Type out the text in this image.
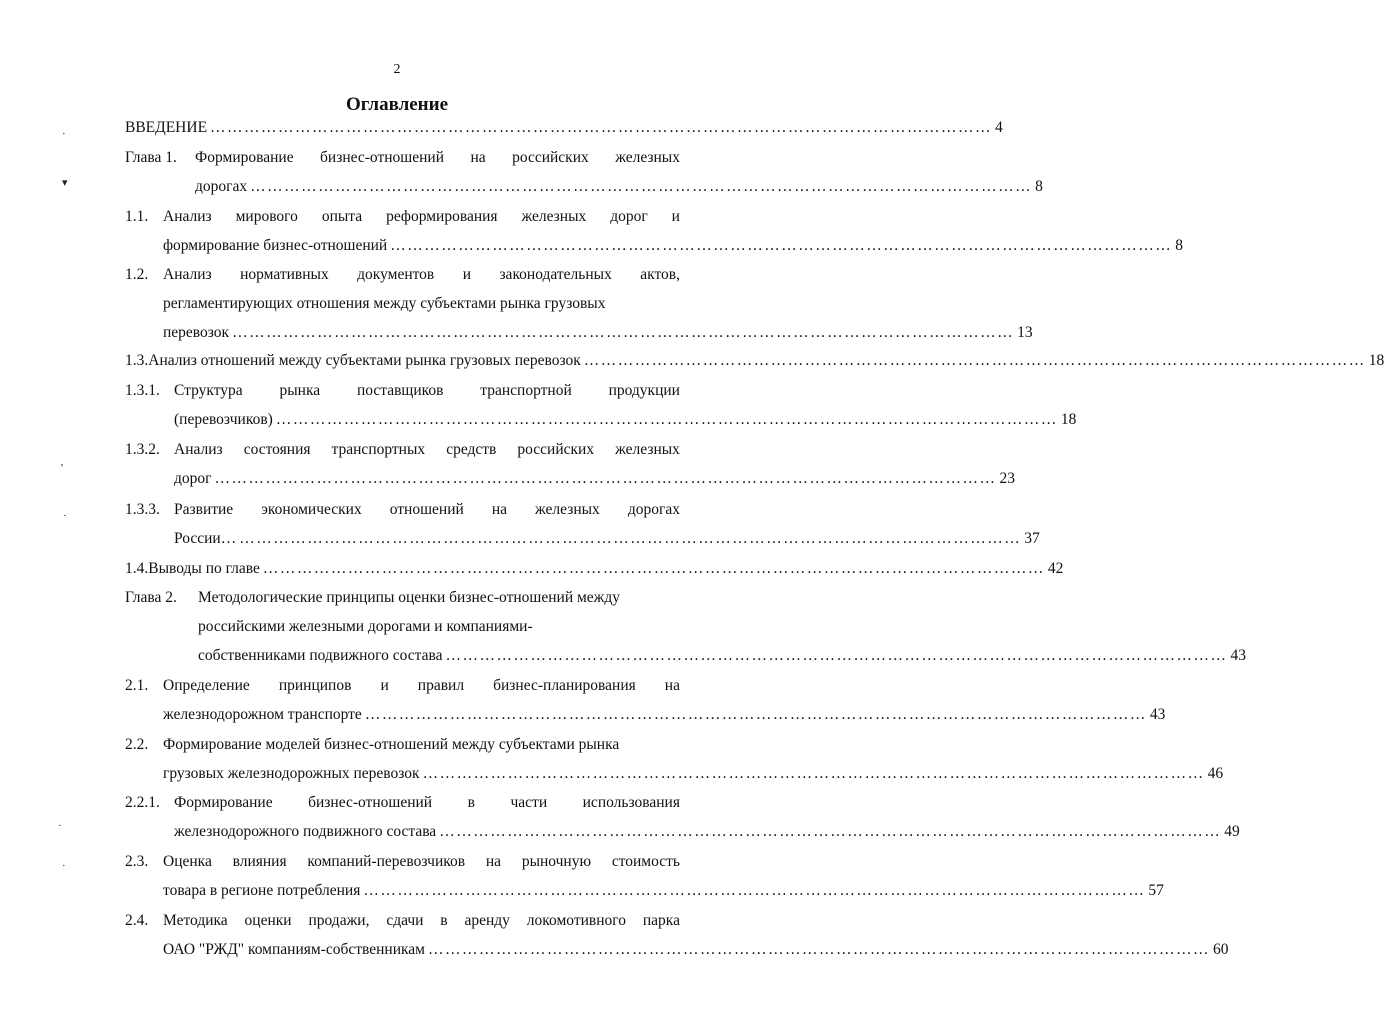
2
Оглавление
·
▾
ʼ
·
·
·
ВВЕДЕНИЕ ………………………………………………………………………………………………………………………… 4
Глава 1.	Формирование бизнес-отношений на российских железных
дорогах ………………………………………………………………………………………………………………………… 8
1.1. Анализ мирового опыта реформирования железных дорог и
формирование бизнес-отношений ………………………………………………………………………………………………………………………… 8
1.2. Анализ нормативных документов и законодательных актов,
регламентирующих отношения между субъектами рынка грузовых
перевозок ………………………………………………………………………………………………………………………… 13
1.3. Анализ отношений между субъектами рынка грузовых перевозок ………………………………………………………………………………………………………………………… 18
1.3.1. Структура рынка поставщиков транспортной продукции
(перевозчиков) ………………………………………………………………………………………………………………………… 18
1.3.2. Анализ состояния транспортных средств российских железных
дорог ………………………………………………………………………………………………………………………… 23
1.3.3. Развитие экономических отношений на железных дорогах
России… ………………………………………………………………………………………………………………………… 37
1.4. Выводы по главе ………………………………………………………………………………………………………………………… 42
Глава 2.	Методологические принципы оценки бизнес-отношений между
российскими железными дорогами и компаниями-
собственниками подвижного состава ………………………………………………………………………………………………………………………… 43
2.1. Определение принципов и правил бизнес-планирования на
железнодорожном транспорте ………………………………………………………………………………………………………………………… 43
2.2. Формирование моделей бизнес-отношений между субъектами рынка
грузовых железнодорожных перевозок ………………………………………………………………………………………………………………………… 46
2.2.1. Формирование бизнес-отношений в части использования
железнодорожного подвижного состава ………………………………………………………………………………………………………………………… 49
2.3. Оценка влияния компаний-перевозчиков на рыночную стоимость
товара в регионе потребления ………………………………………………………………………………………………………………………… 57
2.4. Методика оценки продажи, сдачи в аренду локомотивного парка
ОАО "РЖД" компаниям-собственникам ………………………………………………………………………………………………………………………… 60
